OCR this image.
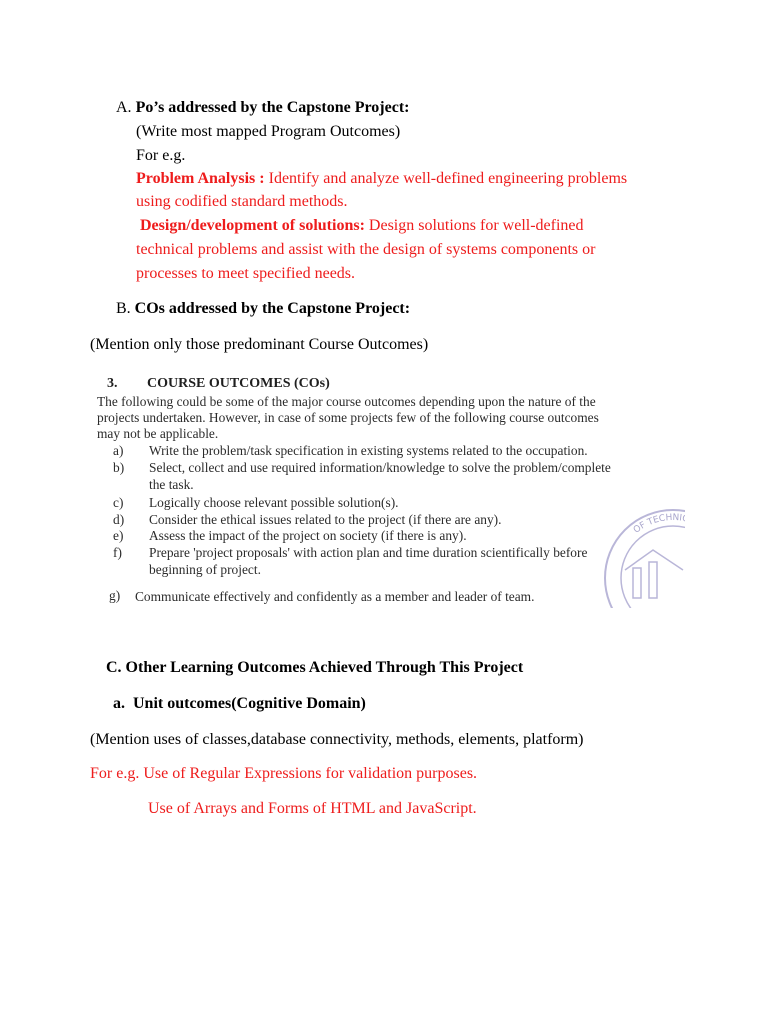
A. Po’s addressed by the Capstone Project:
(Write most mapped Program Outcomes)
For e.g.
Problem Analysis : Identify and analyze well-defined engineering problems
using codified standard methods.
Design/development of solutions: Design solutions for well-defined
technical problems and assist with the design of systems components or
processes to meet specified needs.
B. COs addressed by the Capstone Project:
(Mention only those predominant Course Outcomes)
3. COURSE OUTCOMES (COs)
The following could be some of the major course outcomes depending upon the nature of the
projects undertaken. However, in case of some projects few of the following course outcomes
may not be applicable.
a) Write the problem/task specification in existing systems related to the occupation.
b) Select, collect and use required information/knowledge to solve the problem/complete
the task.
c) Logically choose relevant possible solution(s).
d) Consider the ethical issues related to the project (if there are any).
e) Assess the impact of the project on society (if there is any).
f) Prepare 'project proposals' with action plan and time duration scientifically before
beginning of project.
g) Communicate effectively and confidently as a member and leader of team.
OF TECHNIC
C. Other Learning Outcomes Achieved Through This Project
a. Unit outcomes(Cognitive Domain)
(Mention uses of classes,database connectivity, methods, elements, platform)
For e.g. Use of Regular Expressions for validation purposes.
Use of Arrays and Forms of HTML and JavaScript.
